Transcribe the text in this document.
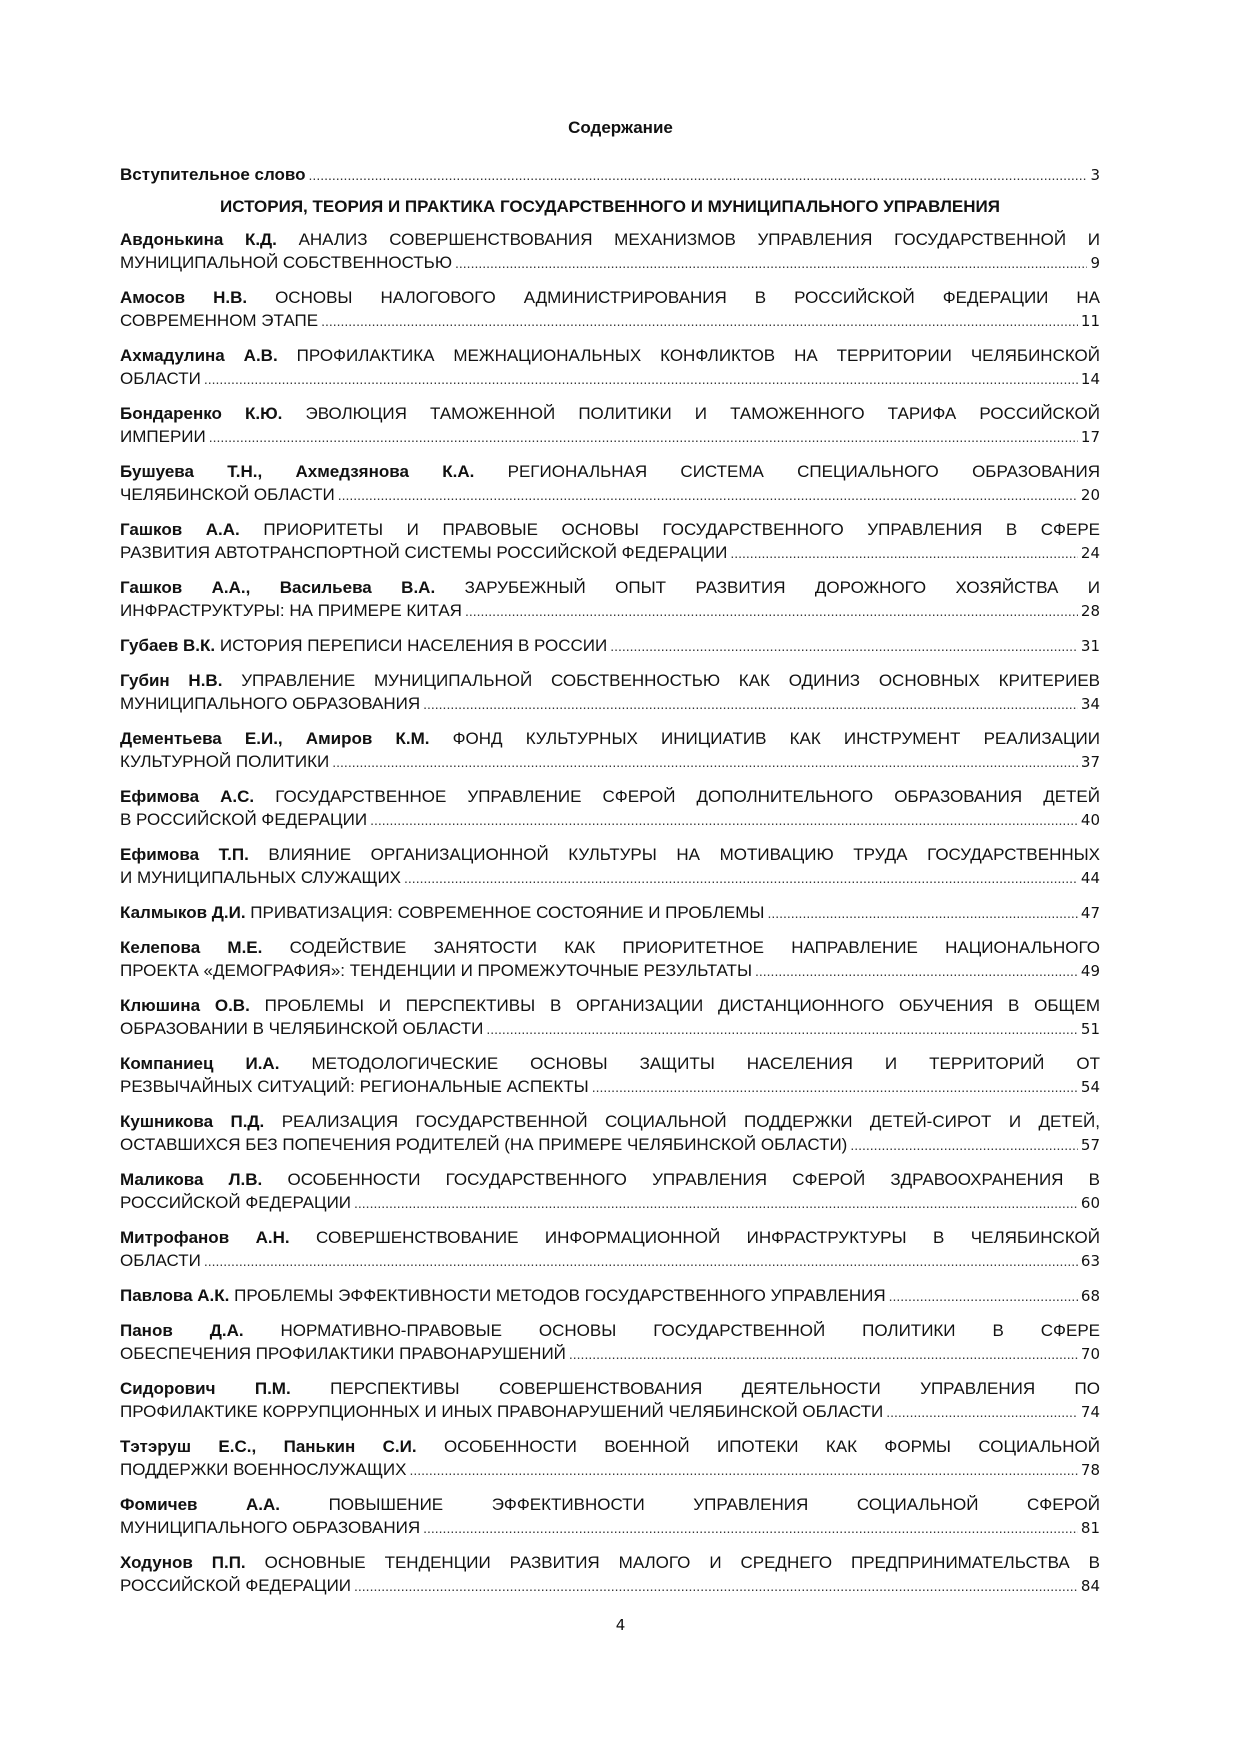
Содержание
Вступительное слово .....	3
ИСТОРИЯ, ТЕОРИЯ И ПРАКТИКА ГОСУДАРСТВЕННОГО И МУНИЦИПАЛЬНОГО УПРАВЛЕНИЯ
Авдонькина К.Д. АНАЛИЗ СОВЕРШЕНСТВОВАНИЯ МЕХАНИЗМОВ УПРАВЛЕНИЯ ГОСУДАРСТВЕННОЙ И
МУНИЦИПАЛЬНОЙ СОБСТВЕННОСТЬЮ .....	9
Амосов Н.В. ОСНОВЫ НАЛОГОВОГО АДМИНИСТРИРОВАНИЯ В РОССИЙСКОЙ ФЕДЕРАЦИИ НА
СОВРЕМЕННОМ ЭТАПЕ .....	11
Ахмадулина А.В. ПРОФИЛАКТИКА МЕЖНАЦИОНАЛЬНЫХ КОНФЛИКТОВ НА ТЕРРИТОРИИ ЧЕЛЯБИНСКОЙ
ОБЛАСТИ .....	14
Бондаренко К.Ю. ЭВОЛЮЦИЯ ТАМОЖЕННОЙ ПОЛИТИКИ И ТАМОЖЕННОГО ТАРИФА РОССИЙСКОЙ
ИМПЕРИИ .....	17
Бушуева Т.Н., Ахмедзянова К.А. РЕГИОНАЛЬНАЯ СИСТЕМА СПЕЦИАЛЬНОГО ОБРАЗОВАНИЯ
ЧЕЛЯБИНСКОЙ ОБЛАСТИ .....	20
Гашков А.А. ПРИОРИТЕТЫ И ПРАВОВЫЕ ОСНОВЫ ГОСУДАРСТВЕННОГО УПРАВЛЕНИЯ В СФЕРЕ
РАЗВИТИЯ АВТОТРАНСПОРТНОЙ СИСТЕМЫ РОССИЙСКОЙ ФЕДЕРАЦИИ .....	24
Гашков А.А., Васильева В.А. ЗАРУБЕЖНЫЙ ОПЫТ РАЗВИТИЯ ДОРОЖНОГО ХОЗЯЙСТВА И
ИНФРАСТРУКТУРЫ: НА ПРИМЕРЕ КИТАЯ .....	28
Губаев В.К. ИСТОРИЯ ПЕРЕПИСИ НАСЕЛЕНИЯ В РОССИИ .....	31
Губин Н.В. УПРАВЛЕНИЕ МУНИЦИПАЛЬНОЙ СОБСТВЕННОСТЬЮ КАК ОДИНИЗ ОСНОВНЫХ КРИТЕРИЕВ
МУНИЦИПАЛЬНОГО ОБРАЗОВАНИЯ .....	34
Дементьева Е.И., Амиров К.М. ФОНД КУЛЬТУРНЫХ ИНИЦИАТИВ КАК ИНСТРУМЕНТ РЕАЛИЗАЦИИ
КУЛЬТУРНОЙ ПОЛИТИКИ .....	37
Ефимова А.С. ГОСУДАРСТВЕННОЕ УПРАВЛЕНИЕ СФЕРОЙ ДОПОЛНИТЕЛЬНОГО ОБРАЗОВАНИЯ ДЕТЕЙ
В РОССИЙСКОЙ ФЕДЕРАЦИИ .....	40
Ефимова Т.П. ВЛИЯНИЕ ОРГАНИЗАЦИОННОЙ КУЛЬТУРЫ НА МОТИВАЦИЮ ТРУДА ГОСУДАРСТВЕННЫХ
И МУНИЦИПАЛЬНЫХ СЛУЖАЩИХ .....	44
Калмыков Д.И. ПРИВАТИЗАЦИЯ: СОВРЕМЕННОЕ СОСТОЯНИЕ И ПРОБЛЕМЫ .....	47
Келепова М.Е. СОДЕЙСТВИЕ ЗАНЯТОСТИ КАК ПРИОРИТЕТНОЕ НАПРАВЛЕНИЕ НАЦИОНАЛЬНОГО
ПРОЕКТА «ДЕМОГРАФИЯ»: ТЕНДЕНЦИИ И ПРОМЕЖУТОЧНЫЕ РЕЗУЛЬТАТЫ .....	49
Клюшина О.В. ПРОБЛЕМЫ И ПЕРСПЕКТИВЫ В ОРГАНИЗАЦИИ ДИСТАНЦИОННОГО ОБУЧЕНИЯ В ОБЩЕМ
ОБРАЗОВАНИИ В ЧЕЛЯБИНСКОЙ ОБЛАСТИ .....	51
Компаниец И.А. МЕТОДОЛОГИЧЕСКИЕ ОСНОВЫ ЗАЩИТЫ НАСЕЛЕНИЯ И ТЕРРИТОРИЙ ОТ
РЕЗВЫЧАЙНЫХ СИТУАЦИЙ: РЕГИОНАЛЬНЫЕ АСПЕКТЫ .....	54
Кушникова П.Д. РЕАЛИЗАЦИЯ ГОСУДАРСТВЕННОЙ СОЦИАЛЬНОЙ ПОДДЕРЖКИ ДЕТЕЙ-СИРОТ И ДЕТЕЙ,
ОСТАВШИХСЯ БЕЗ ПОПЕЧЕНИЯ РОДИТЕЛЕЙ (НА ПРИМЕРЕ ЧЕЛЯБИНСКОЙ ОБЛАСТИ) .....	57
Маликова Л.В. ОСОБЕННОСТИ ГОСУДАРСТВЕННОГО УПРАВЛЕНИЯ СФЕРОЙ ЗДРАВООХРАНЕНИЯ В
РОССИЙСКОЙ ФЕДЕРАЦИИ .....	60
Митрофанов А.Н. СОВЕРШЕНСТВОВАНИЕ ИНФОРМАЦИОННОЙ ИНФРАСТРУКТУРЫ В ЧЕЛЯБИНСКОЙ
ОБЛАСТИ .....	63
Павлова А.К. ПРОБЛЕМЫ ЭФФЕКТИВНОСТИ МЕТОДОВ ГОСУДАРСТВЕННОГО УПРАВЛЕНИЯ .....	68
Панов Д.А. НОРМАТИВНО-ПРАВОВЫЕ ОСНОВЫ ГОСУДАРСТВЕННОЙ ПОЛИТИКИ В СФЕРЕ
ОБЕСПЕЧЕНИЯ ПРОФИЛАКТИКИ ПРАВОНАРУШЕНИЙ .....	70
Сидорович П.М. ПЕРСПЕКТИВЫ СОВЕРШЕНСТВОВАНИЯ ДЕЯТЕЛЬНОСТИ УПРАВЛЕНИЯ ПО
ПРОФИЛАКТИКЕ КОРРУПЦИОННЫХ И ИНЫХ ПРАВОНАРУШЕНИЙ ЧЕЛЯБИНСКОЙ ОБЛАСТИ .....	74
Тэтэруш Е.С., Панькин С.И. ОСОБЕННОСТИ ВОЕННОЙ ИПОТЕКИ КАК ФОРМЫ СОЦИАЛЬНОЙ
ПОДДЕРЖКИ ВОЕННОСЛУЖАЩИХ .....	78
Фомичев А.А.	ПОВЫШЕНИЕ ЭФФЕКТИВНОСТИ УПРАВЛЕНИЯ СОЦИАЛЬНОЙ СФЕРОЙ
МУНИЦИПАЛЬНОГО ОБРАЗОВАНИЯ .....	81
Ходунов П.П. ОСНОВНЫЕ ТЕНДЕНЦИИ РАЗВИТИЯ МАЛОГО И СРЕДНЕГО ПРЕДПРИНИМАТЕЛЬСТВА В
РОССИЙСКОЙ ФЕДЕРАЦИИ .....	84
4
